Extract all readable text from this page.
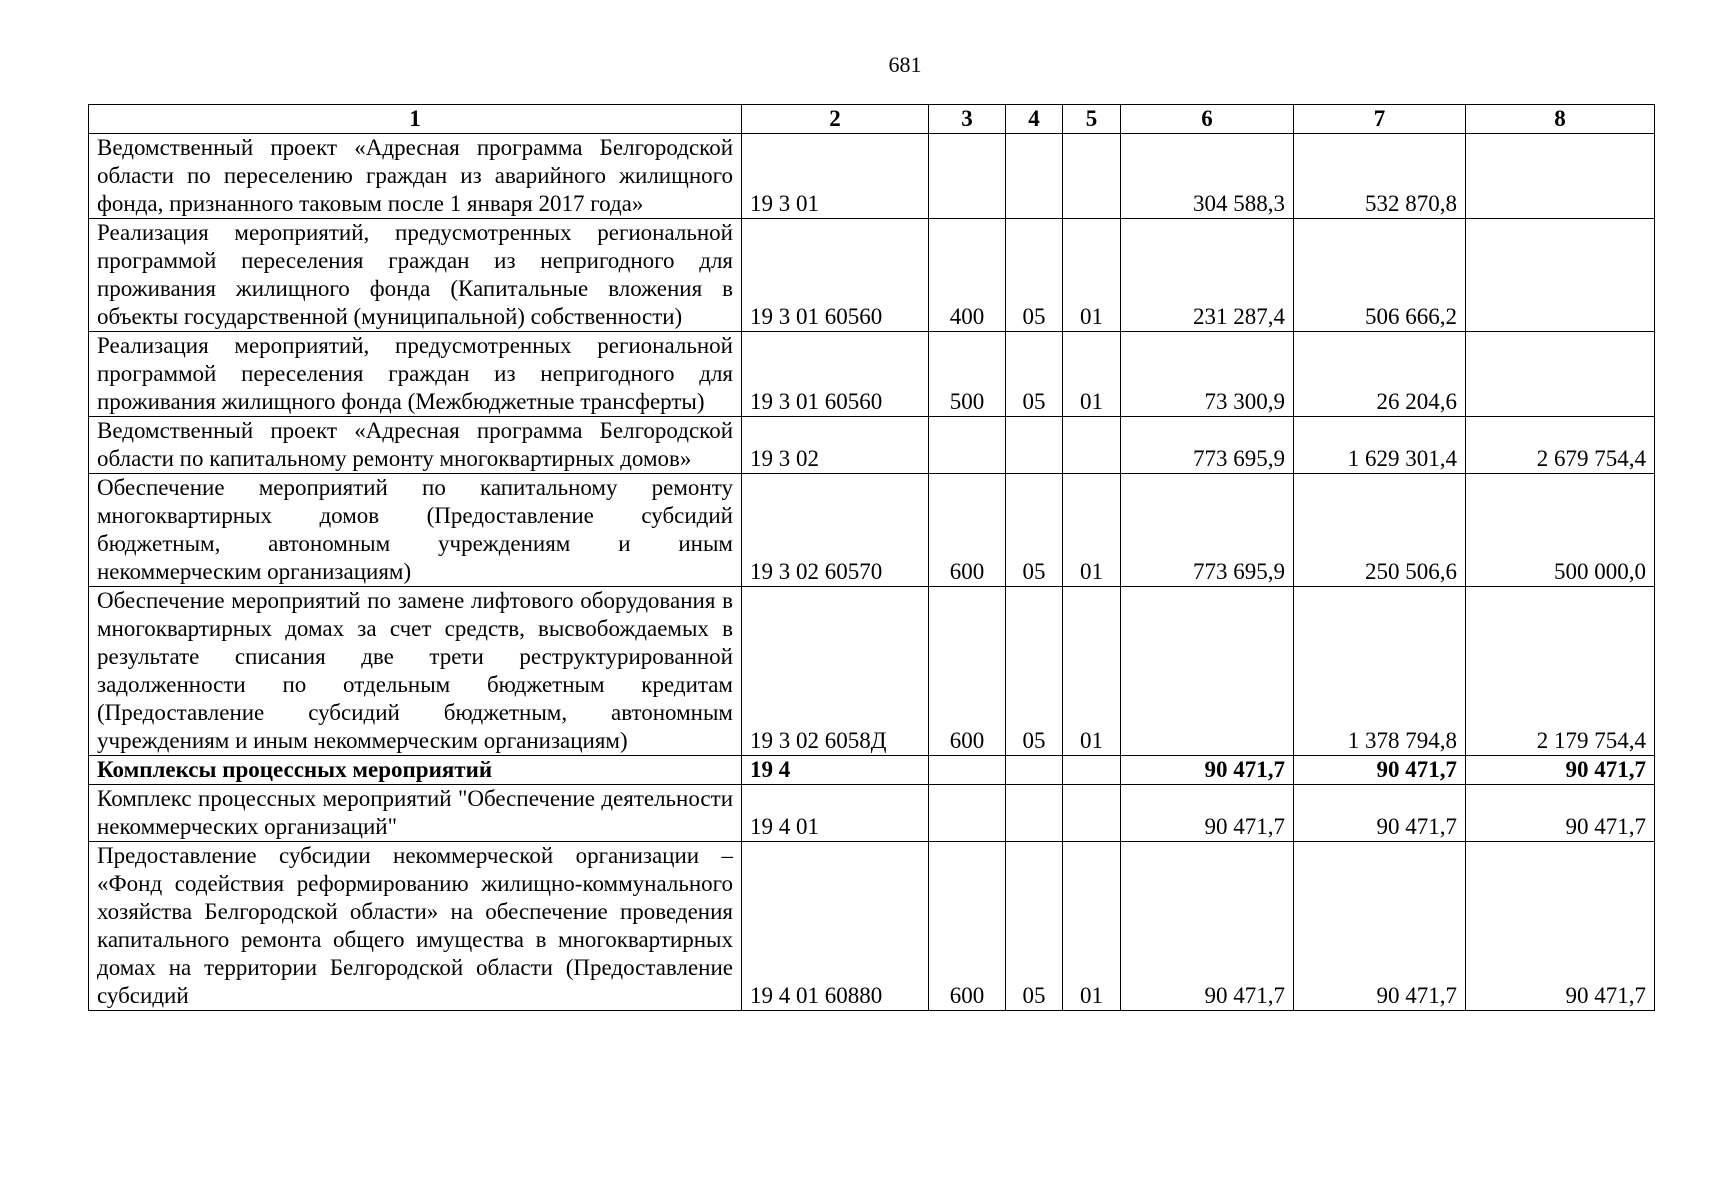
681
1	2	3	4	5	6	7	8
Ведомственный проект «Адресная программа Белгородской области по переселению граждан из аварийного жилищного фонда, признанного таковым после 1 января 2017 года»	19 3 01				304 588,3	532 870,8	
Реализация мероприятий, предусмотренных региональной программой переселения граждан из непригодного для проживания жилищного фонда (Капитальные вложения в объекты государственной (муниципальной) собственности)	19 3 01 60560	400	05	01	231 287,4	506 666,2	
Реализация мероприятий, предусмотренных региональной программой переселения граждан из непригодного для проживания жилищного фонда (Межбюджетные трансферты)	19 3 01 60560	500	05	01	73 300,9	26 204,6	
Ведомственный проект «Адресная программа Белгородской области по капитальному ремонту многоквартирных домов»	19 3 02				773 695,9	1 629 301,4	2 679 754,4
Обеспечение мероприятий по капитальному ремонту многоквартирных домов (Предоставление субсидий бюджетным, автономным учреждениям и иным некоммерческим организациям)	19 3 02 60570	600	05	01	773 695,9	250 506,6	500 000,0
Обеспечение мероприятий по замене лифтового оборудования в многоквартирных домах за счет средств, высвобождаемых в результате списания две трети реструктурированной задолженности по отдельным бюджетным кредитам (Предоставление субсидий бюджетным, автономным учреждениям и иным некоммерческим организациям)	19 3 02 6058Д	600	05	01		1 378 794,8	2 179 754,4
Комплексы процессных мероприятий	19 4				90 471,7	90 471,7	90 471,7
Комплекс процессных мероприятий "Обеспечение деятельности некоммерческих организаций"	19 4 01				90 471,7	90 471,7	90 471,7
Предоставление субсидии некоммерческой организации – «Фонд содействия реформированию жилищно-коммунального хозяйства Белгородской области» на обеспечение проведения капитального ремонта общего имущества в многоквартирных домах на территории Белгородской области (Предоставление субсидий	19 4 01 60880	600	05	01	90 471,7	90 471,7	90 471,7
